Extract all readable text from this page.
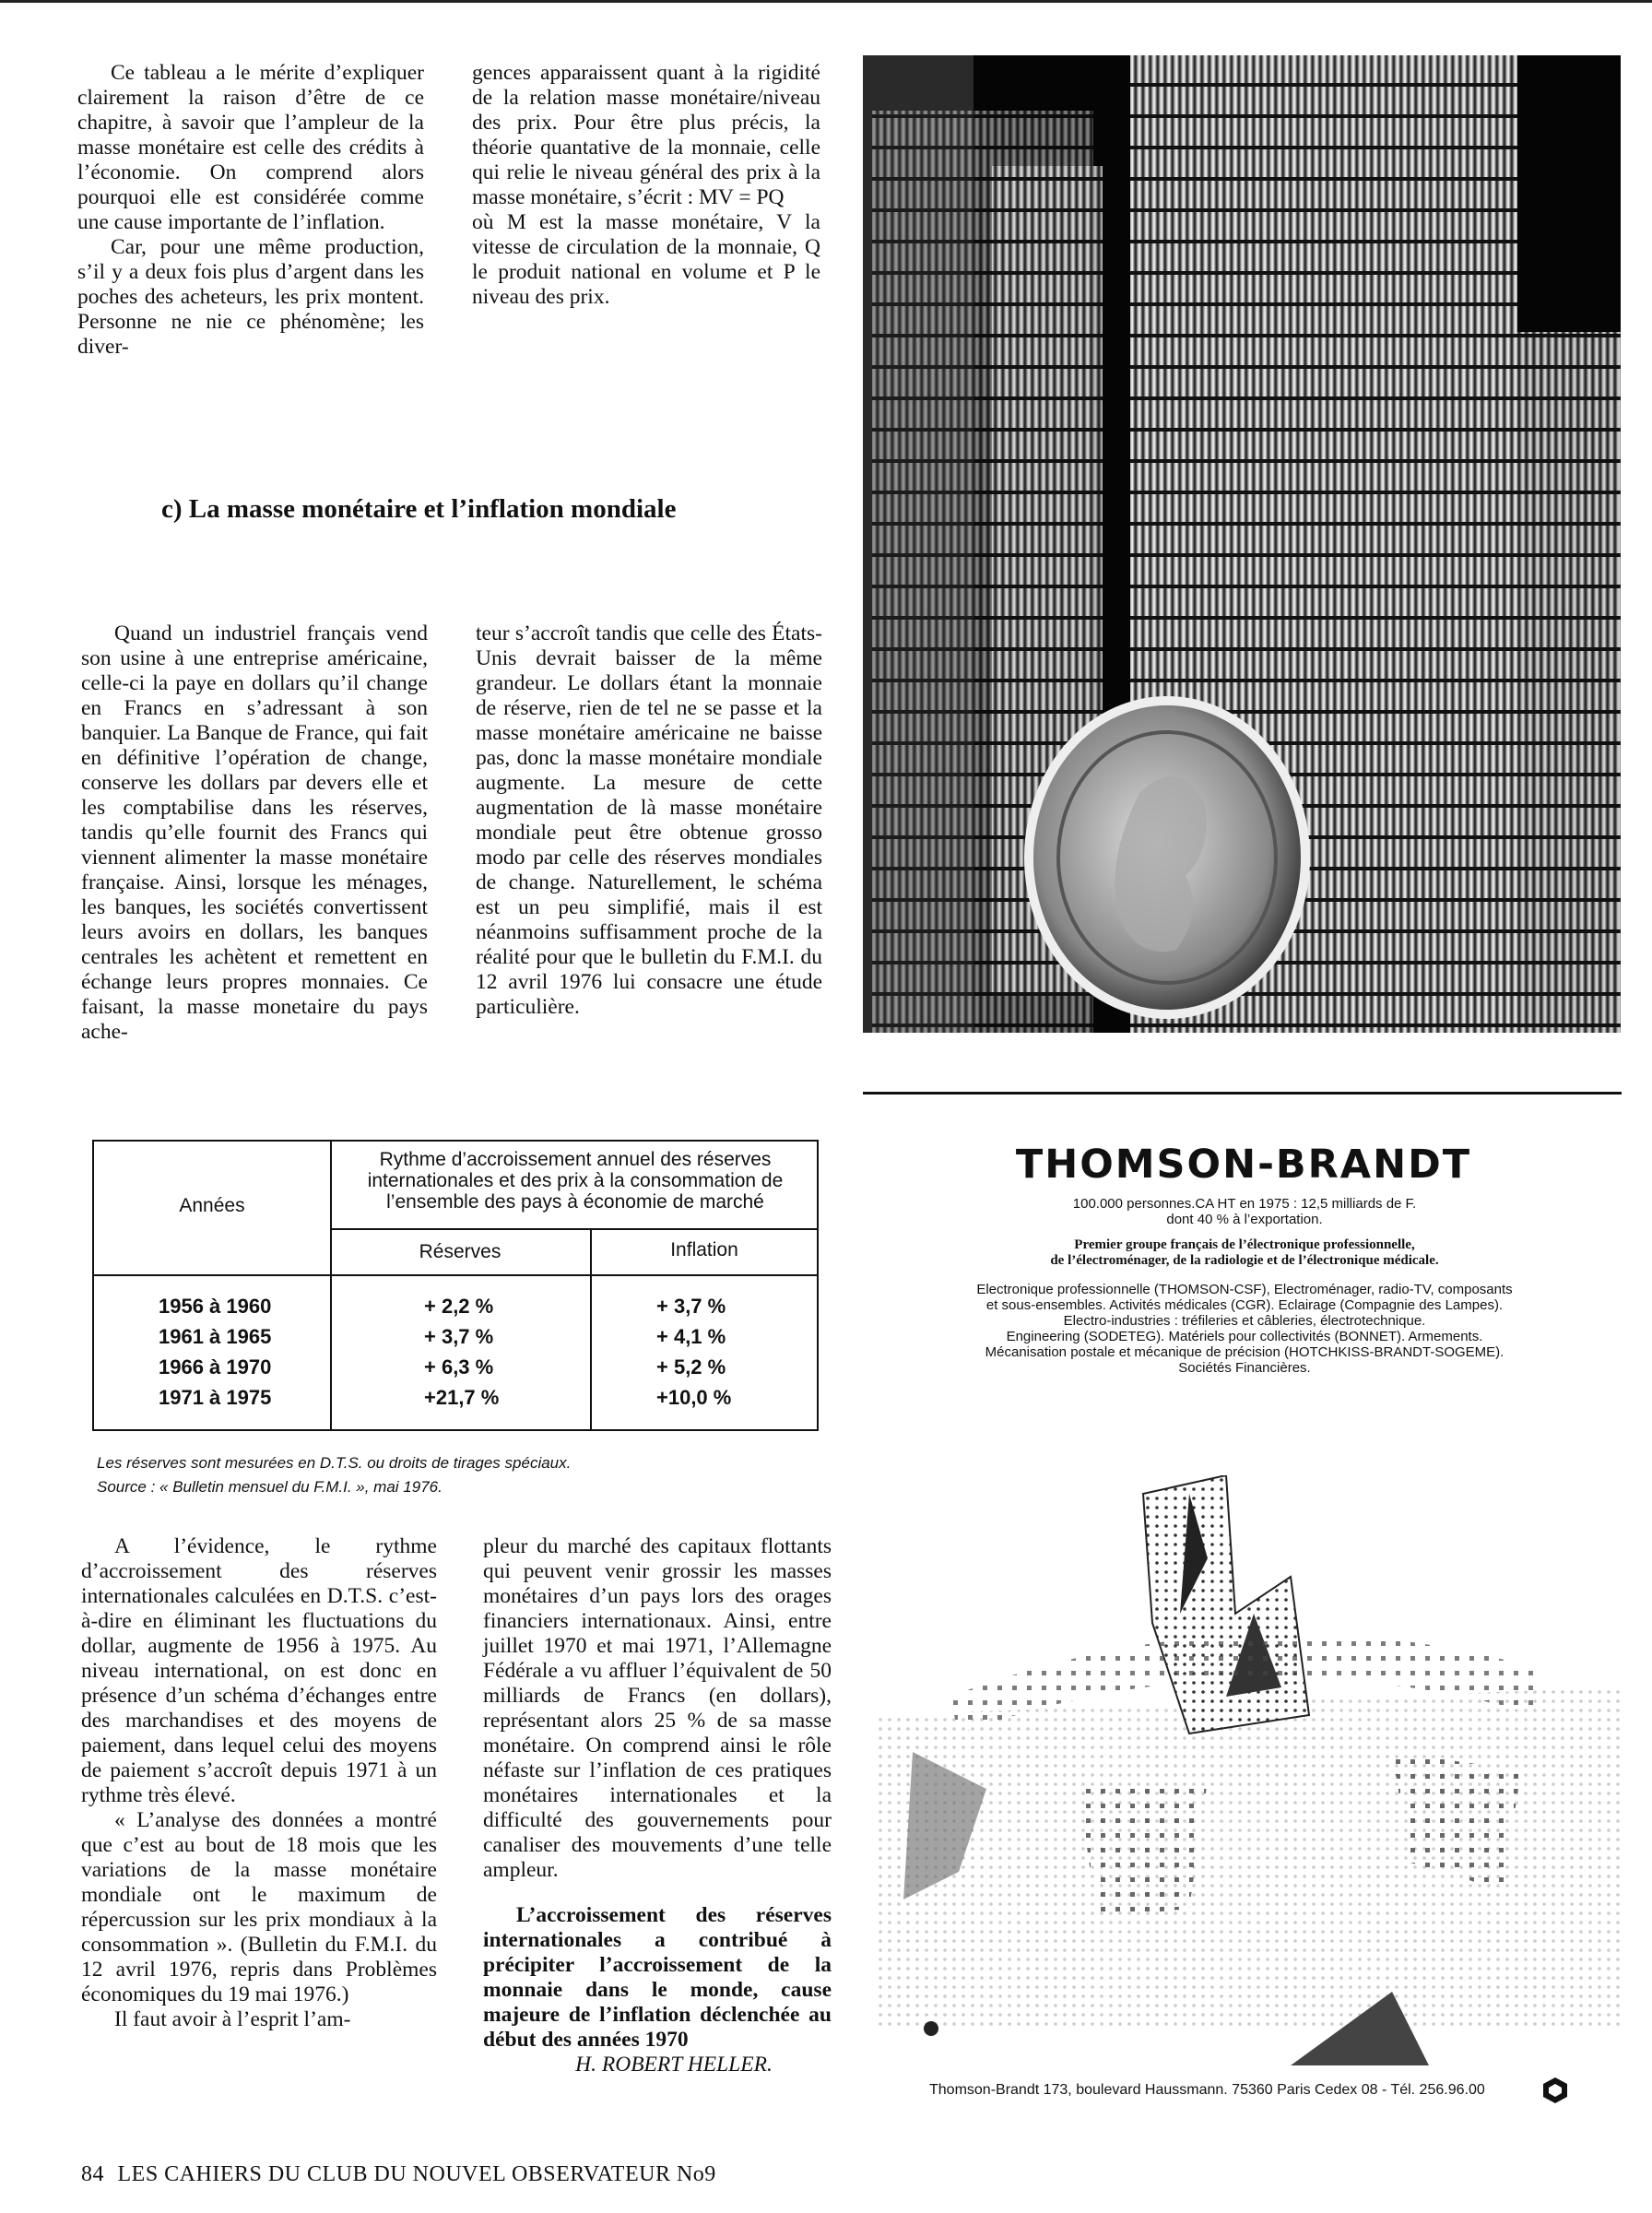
Ce tableau a le mérite d’expliquer clairement la raison d’être de ce chapitre, à savoir que l’ampleur de la masse monétaire est celle des crédits à l’économie. On comprend alors pourquoi elle est considérée comme une cause importante de l’inflation.

Car, pour une même production, s’il y a deux fois plus d’argent dans les poches des acheteurs, les prix montent. Personne ne nie ce phénomène; les diver-

gences apparaissent quant à la rigidité de la relation masse monétaire/niveau des prix. Pour être plus précis, la théorie quantative de la monnaie, celle qui relie le niveau général des prix à la masse monétaire, s’écrit : MV = PQ

où M est la masse monétaire, V la vitesse de circulation de la monnaie, Q le produit national en volume et P le niveau des prix.

c) La masse monétaire et l’inflation mondiale

Quand un industriel français vend son usine à une entreprise américaine, celle-ci la paye en dollars qu’il change en Francs en s’adressant à son banquier. La Banque de France, qui fait en définitive l’opération de change, conserve les dollars par devers elle et les comptabilise dans les réserves, tandis qu’elle fournit des Francs qui viennent alimenter la masse monétaire française. Ainsi, lorsque les ménages, les banques, les sociétés convertissent leurs avoirs en dollars, les banques centrales les achètent et remettent en échange leurs propres monnaies. Ce faisant, la masse monetaire du pays ache-

teur s’accroît tandis que celle des États-Unis devrait baisser de la même grandeur. Le dollars étant la monnaie de réserve, rien de tel ne se passe et la masse monétaire américaine ne baisse pas, donc la masse monétaire mondiale augmente. La mesure de cette augmentation de là masse monétaire mondiale peut être obtenue grosso modo par celle des réserves mondiales de change. Naturellement, le schéma est un peu simplifié, mais il est néanmoins suffisamment proche de la réalité pour que le bulletin du F.M.I. du 12 avril 1976 lui consacre une étude particulière.

Années
Rythme d’accroissement annuel des réserves internationales et des prix à la consommation de l’ensemble des pays à économie de marché
Réserves	Inflation
1956 à 1960	+ 2,2 %	+ 3,7 %
1961 à 1965	+ 3,7 %	+ 4,1 %
1966 à 1970	+ 6,3 %	+ 5,2 %
1971 à 1975	+21,7 %	+10,0 %
Les réserves sont mesurées en D.T.S. ou droits de tirages spéciaux.
Source : « Bulletin mensuel du F.M.I. », mai 1976.

A l’évidence, le rythme d’accroissement des réserves internationales calculées en D.T.S. c’est-à-dire en éliminant les fluctuations du dollar, augmente de 1956 à 1975. Au niveau international, on est donc en présence d’un schéma d’échanges entre des marchandises et des moyens de paiement, dans lequel celui des moyens de paiement s’accroît depuis 1971 à un rythme très élevé.

« L’analyse des données a montré que c’est au bout de 18 mois que les variations de la masse monétaire mondiale ont le maximum de répercussion sur les prix mondiaux à la consommation ». (Bulletin du F.M.I. du 12 avril 1976, repris dans Problèmes économiques du 19 mai 1976.)

Il faut avoir à l’esprit l’am-

pleur du marché des capitaux flottants qui peuvent venir grossir les masses monétaires d’un pays lors des orages financiers internationaux. Ainsi, entre juillet 1970 et mai 1971, l’Allemagne Fédérale a vu affluer l’équivalent de 50 milliards de Francs (en dollars), représentant alors 25 % de sa masse monétaire. On comprend ainsi le rôle néfaste sur l’inflation de ces pratiques monétaires internationales et la difficulté des gouvernements pour canaliser des mouvements d’une telle ampleur.

L’accroissement des réserves internationales a contribué à précipiter l’accroissement de la monnaie dans le monde, cause majeure de l’inflation déclenchée au début des années 1970

H. ROBERT HELLER.

THOMSON-BRANDT
100.000 personnes.CA HT en 1975 : 12,5 milliards de F.
dont 40 % à l’exportation.
Premier groupe français de l’électronique professionnelle,
de l’électroménager, de la radiologie et de l’électronique médicale.
Electronique professionnelle (THOMSON-CSF), Electroménager, radio-TV, composants
et sous-ensembles. Activités médicales (CGR). Eclairage (Compagnie des Lampes).
Electro-industries : tréfileries et câbleries, électrotechnique.
Engineering (SODETEG). Matériels pour collectivités (BONNET). Armements.
Mécanisation postale et mécanique de précision (HOTCHKISS-BRANDT-SOGEME).
Sociétés Financières.
Thomson-Brandt 173, boulevard Haussmann. 75360 Paris Cedex 08 - Tél. 256.96.00
84 LES CAHIERS DU CLUB DU NOUVEL OBSERVATEUR No9
